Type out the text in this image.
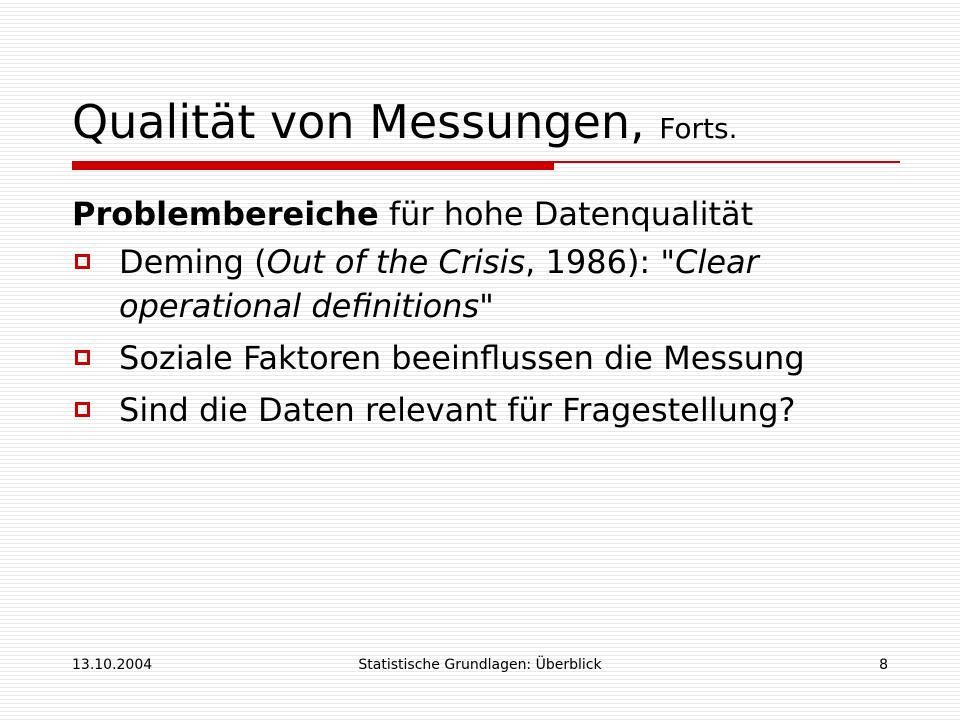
Qualität von Messungen, Forts.
Problembereiche für hohe Datenqualität
Deming (Out of the Crisis, 1986): "Clear operational definitions"
Soziale Faktoren beeinflussen die Messung
Sind die Daten relevant für Fragestellung?
13.10.2004	Statistische Grundlagen: Überblick	8
